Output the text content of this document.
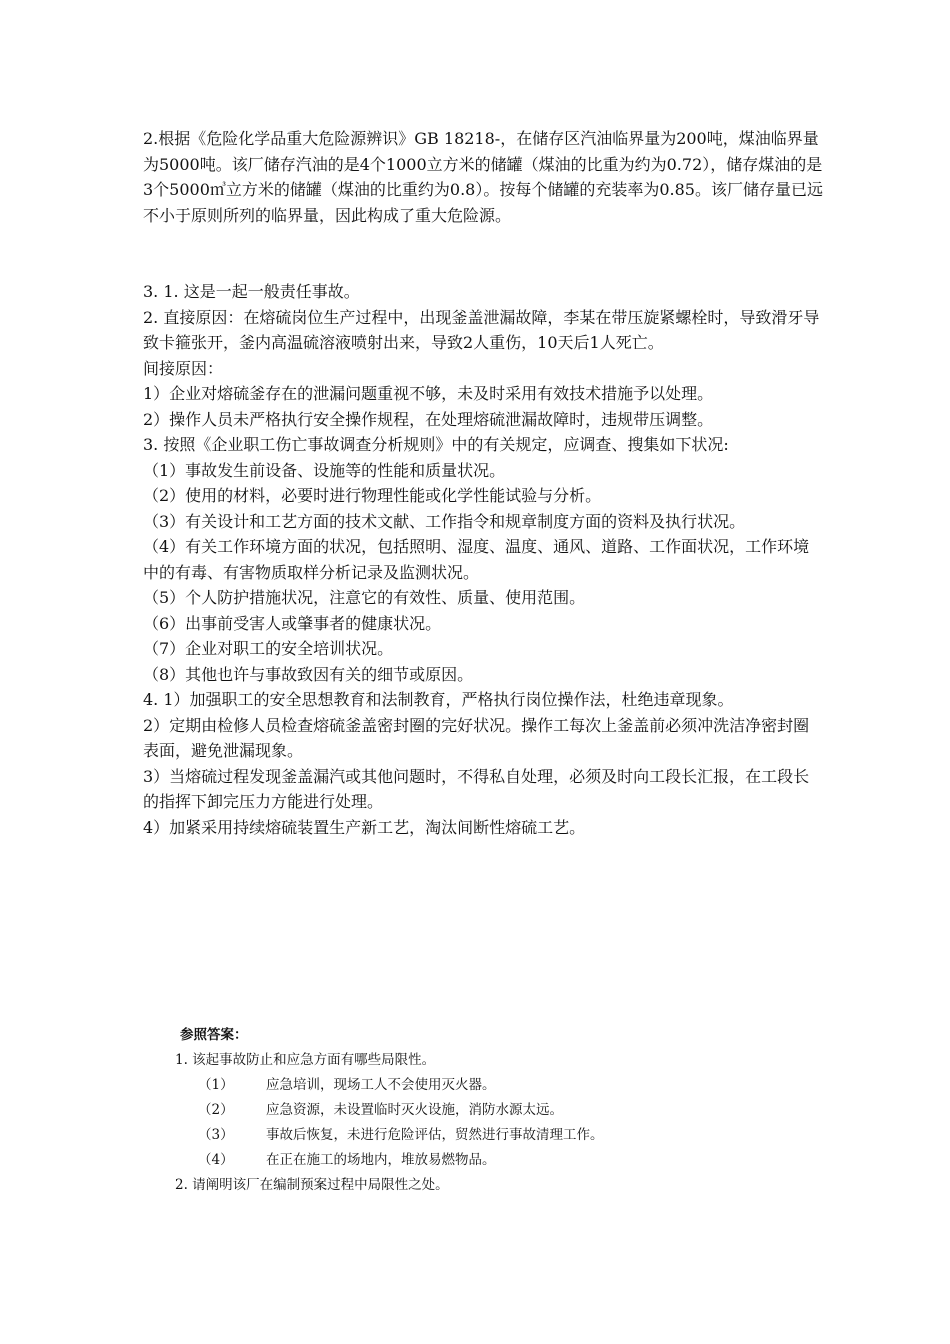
2.根据《危险化学品重大危险源辨识》GB 18218-，在储存区汽油临界量为200吨，煤油临界量为5000吨。该厂储存汽油的是4个1000立方米的储罐（煤油的比重为约为0.72），储存煤油的是3个5000㎥立方米的储罐（煤油的比重约为0.8）。按每个储罐的充装率为0.85。该厂储存量已远不小于原则所列的临界量，因此构成了重大危险源。

3. 1. 这是一起一般责任事故。

2. 直接原因：在熔硫岗位生产过程中，出现釜盖泄漏故障，李某在带压旋紧螺栓时，导致滑牙导致卡箍张开，釜内高温硫溶液喷射出来，导致2人重伤，10天后1人死亡。

间接原因：

1）企业对熔硫釜存在的泄漏问题重视不够，未及时采用有效技术措施予以处理。

2）操作人员未严格执行安全操作规程，在处理熔硫泄漏故障时，违规带压调整。

3. 按照《企业职工伤亡事故调查分析规则》中的有关规定，应调查、搜集如下状况:

（1）事故发生前设备、设施等的性能和质量状况。

（2）使用的材料，必要时进行物理性能或化学性能试验与分析。

（3）有关设计和工艺方面的技术文献、工作指令和规章制度方面的资料及执行状况。

（4）有关工作环境方面的状况，包括照明、湿度、温度、通风、道路、工作面状况，工作环境中的有毒、有害物质取样分析记录及监测状况。

（5）个人防护措施状况，注意它的有效性、质量、使用范围。

（6）出事前受害人或肇事者的健康状况。

（7）企业对职工的安全培训状况。

（8）其他也许与事故致因有关的细节或原因。

4. 1）加强职工的安全思想教育和法制教育，严格执行岗位操作法，杜绝违章现象。

2）定期由检修人员检查熔硫釜盖密封圈的完好状况。操作工每次上釜盖前必须冲洗洁净密封圈表面，避免泄漏现象。

3）当熔硫过程发现釜盖漏汽或其他问题时，不得私自处理，必须及时向工段长汇报，在工段长的指挥下卸完压力方能进行处理。

4）加紧采用持续熔硫装置生产新工艺，淘汰间断性熔硫工艺。

参照答案：

1. 该起事故防止和应急方面有哪些局限性。

（1）	应急培训，现场工人不会使用灭火器。
（2）	应急资源，未设置临时灭火设施，消防水源太远。
（3）	事故后恢复，未进行危险评估，贸然进行事故清理工作。
（4）	在正在施工的场地内，堆放易燃物品。

2. 请阐明该厂在编制预案过程中局限性之处。
